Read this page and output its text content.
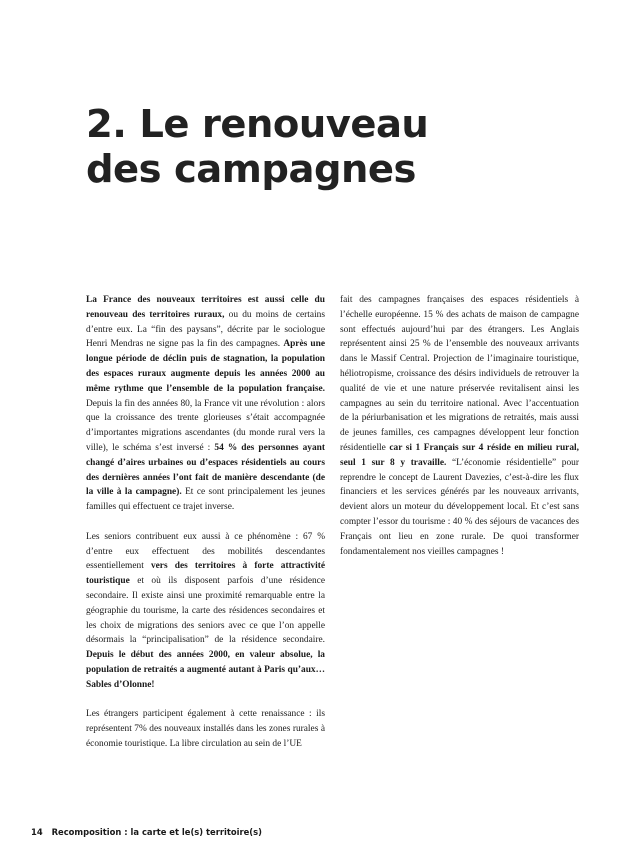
2. Le renouveau
des campagnes

La France des nouveaux territoires est aussi celle du renouveau des territoires ruraux, ou du moins de certains d’entre eux. La “fin des paysans”, décrite par le sociologue Henri Mendras ne signe pas la fin des campagnes. Après une longue période de déclin puis de stagnation, la population des espaces ruraux augmente depuis les années 2000 au même rythme que l’ensemble de la population française. Depuis la fin des années 80, la France vit une révolution : alors que la croissance des trente glorieuses s’était accompagnée d’importantes migrations ascendantes (du monde rural vers la ville), le schéma s’est inversé : 54 % des personnes ayant changé d’aires urbaines ou d’espaces résidentiels au cours des dernières années l’ont fait de manière descendante (de la ville à la campagne). Et ce sont principalement les jeunes familles qui effectuent ce trajet inverse.

Les seniors contribuent eux aussi à ce phénomène : 67 % d’entre eux effectuent des mobilités descendantes essentiellement vers des territoires à forte attractivité touristique et où ils disposent parfois d’une résidence secondaire. Il existe ainsi une proximité remarquable entre la géographie du tourisme, la carte des résidences secondaires et les choix de migrations des seniors avec ce que l’on appelle désormais la “principalisation” de la résidence secondaire. Depuis le début des années 2000, en valeur absolue, la population de retraités a augmenté autant à Paris qu’aux… Sables d’Olonne!

Les étrangers participent également à cette renaissance : ils représentent 7% des nouveaux installés dans les zones rurales à économie touristique. La libre circulation au sein de l’UE

fait des campagnes françaises des espaces résidentiels à l’échelle européenne. 15 % des achats de maison de campagne sont effectués aujourd’hui par des étrangers. Les Anglais représentent ainsi 25 % de l’ensemble des nouveaux arrivants dans le Massif Central. Projection de l’imaginaire touristique, héliotropisme, croissance des désirs individuels de retrouver la qualité de vie et une nature préservée revitalisent ainsi les campagnes au sein du territoire national. Avec l’accentuation de la périurbanisation et les migrations de retraités, mais aussi de jeunes familles, ces campagnes développent leur fonction résidentielle car si 1 Français sur 4 réside en milieu rural, seul 1 sur 8 y travaille. “L’économie résidentielle” pour reprendre le concept de Laurent Davezies, c’est-à-dire les flux financiers et les services générés par les nouveaux arrivants, devient alors un moteur du développement local. Et c’est sans compter l’essor du tourisme : 40 % des séjours de vacances des Français ont lieu en zone rurale. De quoi transformer fondamentalement nos vieilles campagnes !

14 Recomposition : la carte et le(s) territoire(s)
